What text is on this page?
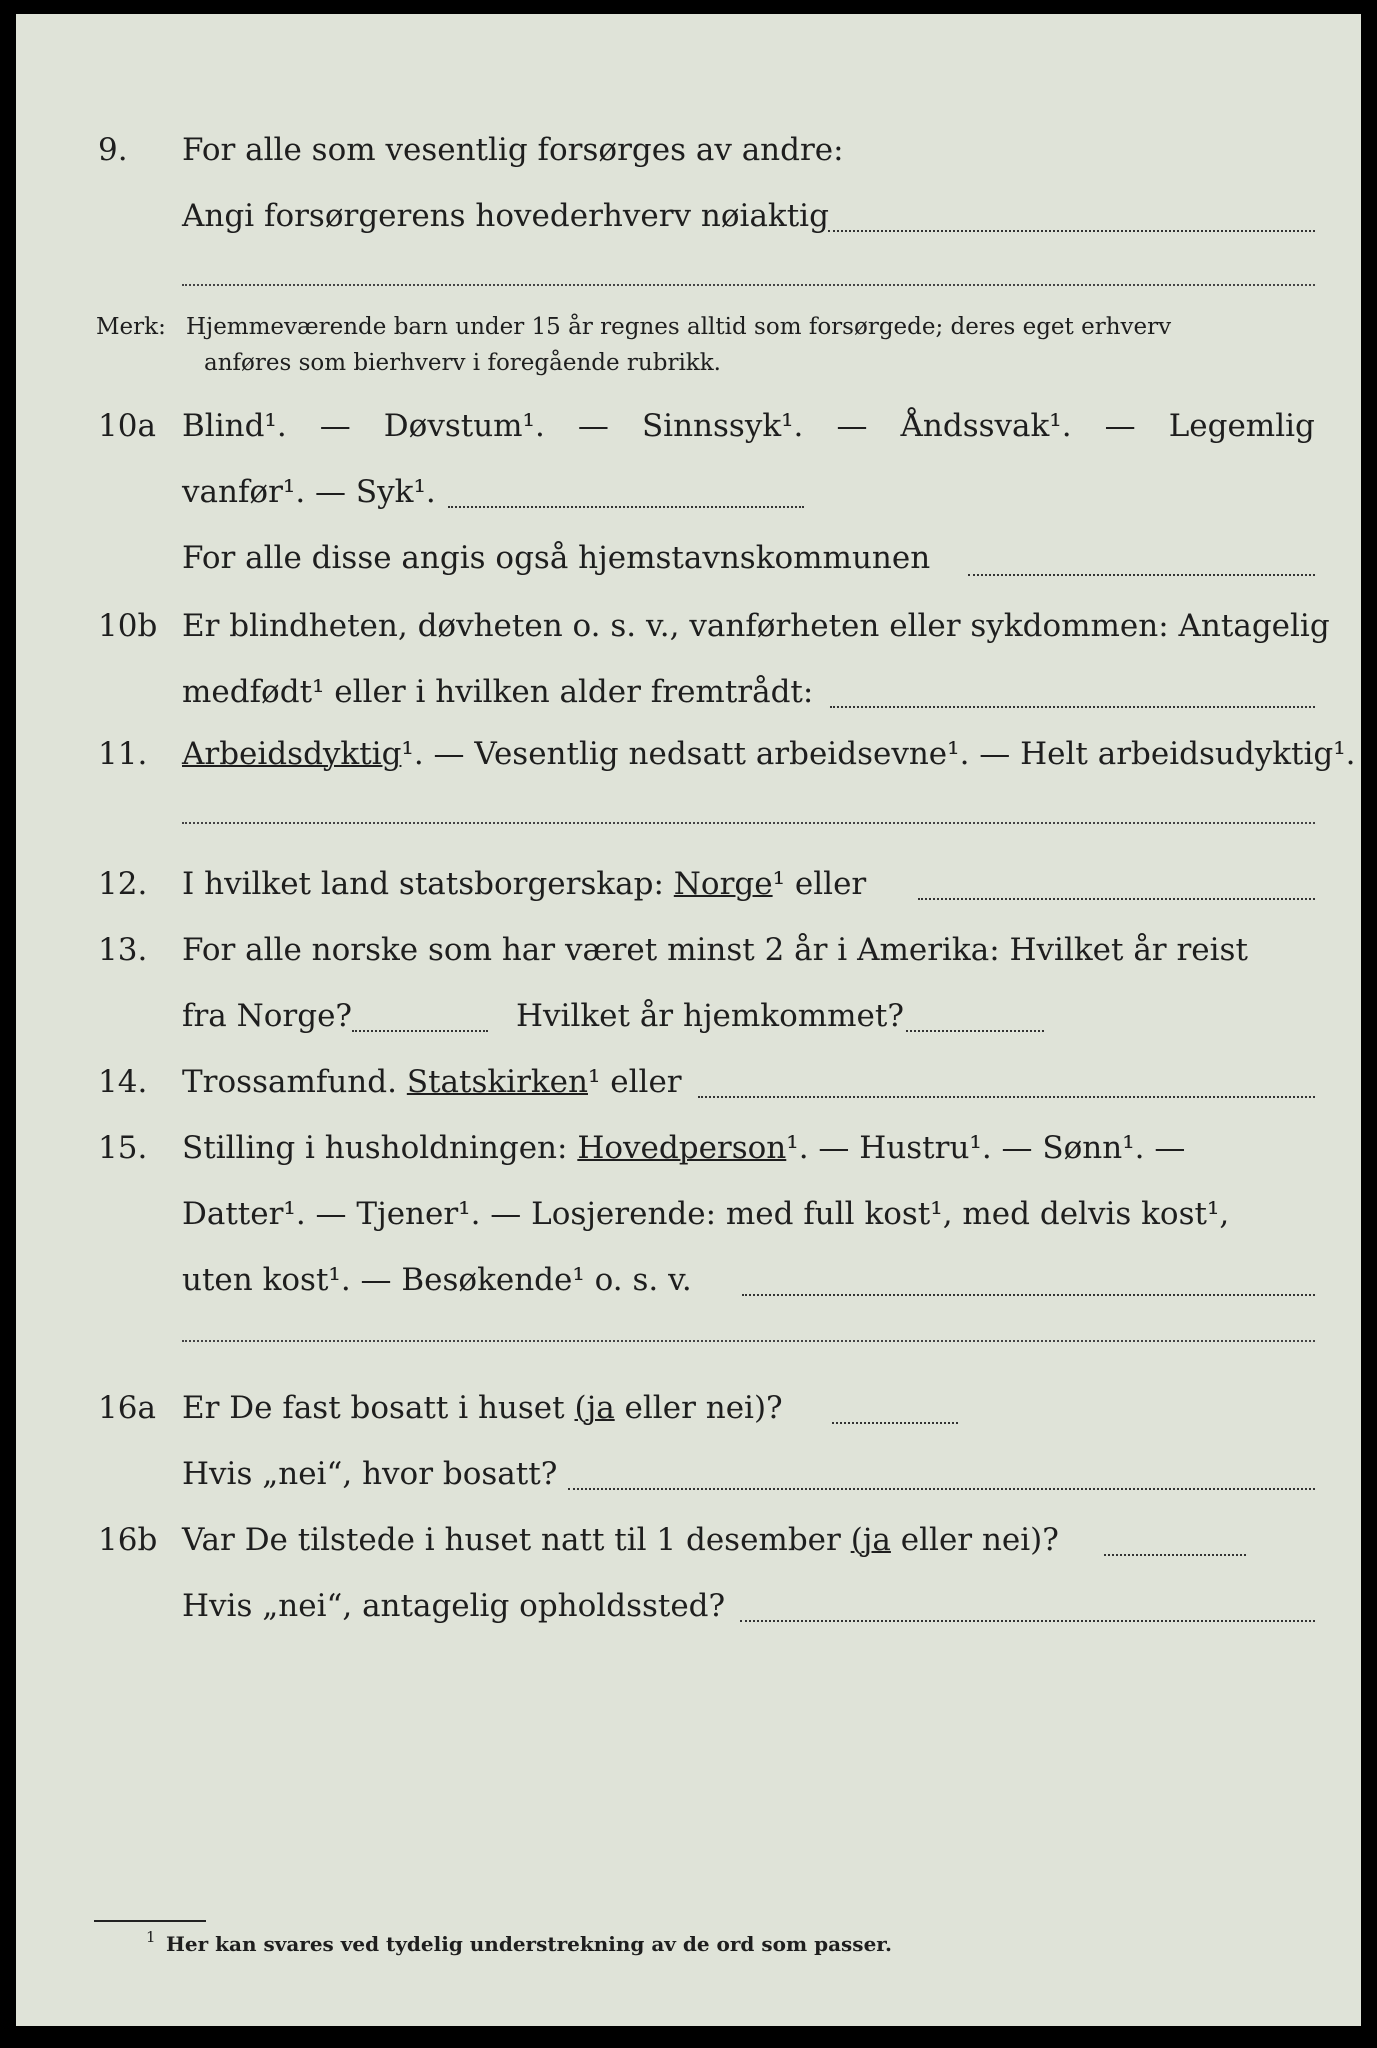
9. For alle som vesentlig forsørges av andre:
Angi forsørgerens hovederhverv nøiaktig
Merk: Hjemmeværende barn under 15 år regnes alltid som forsørgede; deres eget erhverv
anføres som bierhverv i foregående rubrikk.
10a Blind¹. — Døvstum¹. — Sinnssyk¹. — Åndssvak¹. — Legemlig
vanfør¹. — Syk¹.
For alle disse angis også hjemstavnskommunen
10b Er blindheten, døvheten o. s. v., vanførheten eller sykdommen: Antagelig
medfødt¹ eller i hvilken alder fremtrådt:
11. Arbeidsdyktig¹. — Vesentlig nedsatt arbeidsevne¹. — Helt arbeidsudyktig¹.
12. I hvilket land statsborgerskap: Norge¹ eller
13. For alle norske som har været minst 2 år i Amerika: Hvilket år reist
fra Norge?	Hvilket år hjemkommet?
14. Trossamfund. Statskirken¹ eller
15. Stilling i husholdningen: Hovedperson¹. — Hustru¹. — Sønn¹. —
Datter¹. — Tjener¹. — Losjerende: med full kost¹, med delvis kost¹,
uten kost¹. — Besøkende¹ o. s. v.
16a Er De fast bosatt i huset (ja eller nei)?
Hvis „nei“, hvor bosatt?
16b Var De tilstede i huset natt til 1 desember (ja eller nei)?
Hvis „nei“, antagelig opholdssted?
1 Her kan svares ved tydelig understrekning av de ord som passer.
